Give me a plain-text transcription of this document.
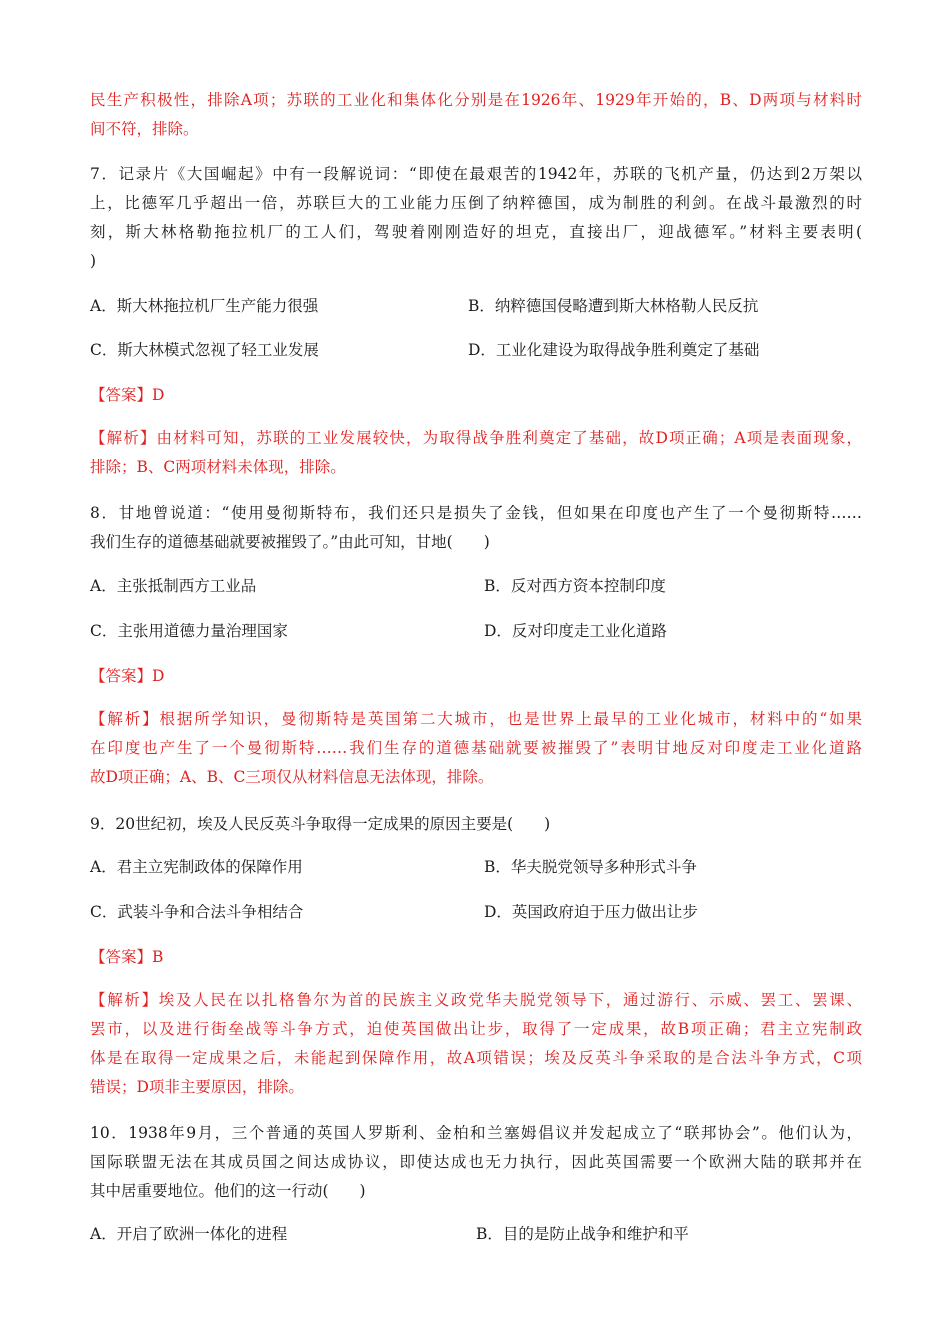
民生产积极性，排除A项；苏联的工业化和集体化分别是在1926年、1929年开始的，B、D两项与材料时
间不符，排除。

7．记录片《大国崛起》中有一段解说词：“即使在最艰苦的1942年，苏联的飞机产量，仍达到2万架以
上，比德军几乎超出一倍，苏联巨大的工业能力压倒了纳粹德国，成为制胜的利剑。在战斗最激烈的时
刻，斯大林格勒拖拉机厂的工人们，驾驶着刚刚造好的坦克，直接出厂，迎战德军。”材料主要表明(
)

A．斯大林拖拉机厂生产能力很强	B．纳粹德国侵略遭到斯大林格勒人民反抗
C．斯大林模式忽视了轻工业发展	D．工业化建设为取得战争胜利奠定了基础
【答案】D

【解析】由材料可知，苏联的工业发展较快，为取得战争胜利奠定了基础，故D项正确；A项是表面现象，
排除；B、C两项材料未体现，排除。

8．甘地曾说道：“使用曼彻斯特布，我们还只是损失了金钱，但如果在印度也产生了一个曼彻斯特……
我们生存的道德基础就要被摧毁了。”由此可知，甘地(　　)

A．主张抵制西方工业品	B．反对西方资本控制印度
C．主张用道德力量治理国家	D．反对印度走工业化道路
【答案】D

【解析】根据所学知识，曼彻斯特是英国第二大城市，也是世界上最早的工业化城市，材料中的“如果
在印度也产生了一个曼彻斯特……我们生存的道德基础就要被摧毁了”表明甘地反对印度走工业化道路
故D项正确；A、B、C三项仅从材料信息无法体现，排除。

9．20世纪初，埃及人民反英斗争取得一定成果的原因主要是(　　)

A．君主立宪制政体的保障作用	B．华夫脱党领导多种形式斗争
C．武装斗争和合法斗争相结合	D．英国政府迫于压力做出让步
【答案】B

【解析】埃及人民在以扎格鲁尔为首的民族主义政党华夫脱党领导下，通过游行、示威、罢工、罢课、
罢市，以及进行街垒战等斗争方式，迫使英国做出让步，取得了一定成果，故B项正确；君主立宪制政
体是在取得一定成果之后，未能起到保障作用，故A项错误；埃及反英斗争采取的是合法斗争方式，C项
错误；D项非主要原因，排除。

10．1938年9月，三个普通的英国人罗斯利、金柏和兰塞姆倡议并发起成立了“联邦协会”。他们认为，
国际联盟无法在其成员国之间达成协议，即使达成也无力执行，因此英国需要一个欧洲大陆的联邦并在
其中居重要地位。他们的这一行动(　　)

A．开启了欧洲一体化的进程	B．目的是防止战争和维护和平
